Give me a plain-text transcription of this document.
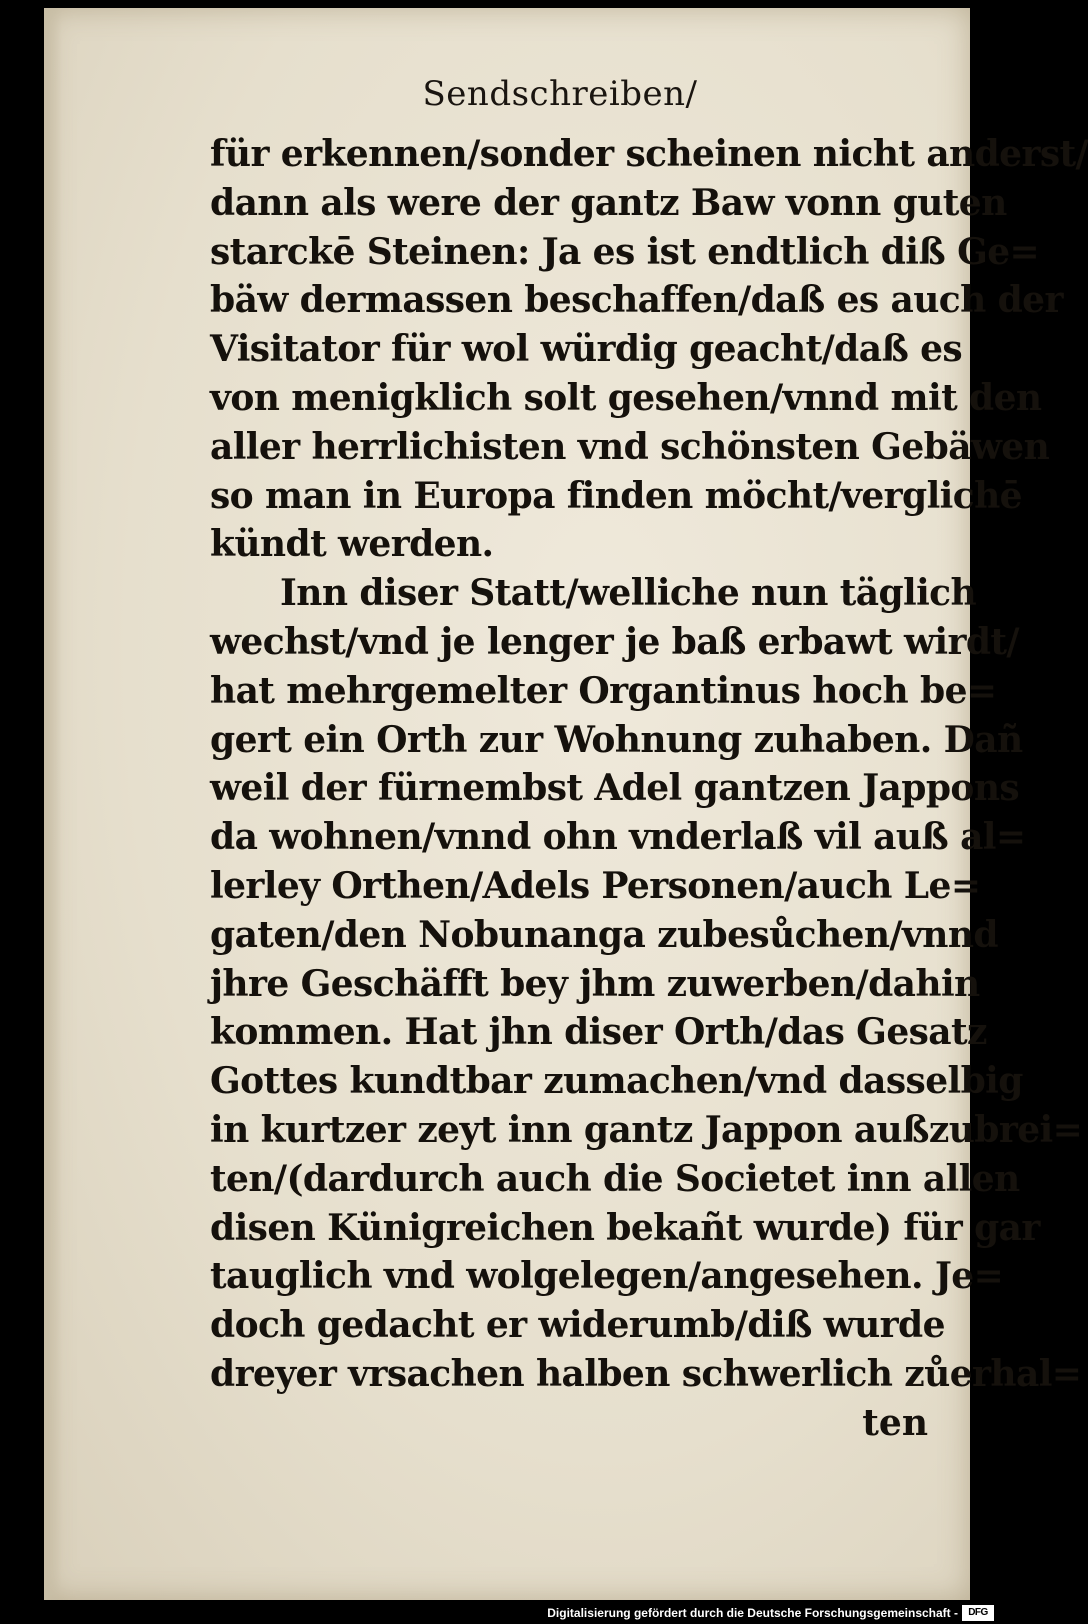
Sendschreiben/
für erkennen/sonder scheinen nicht anderst/
dann als were der gantz Baw vonn guten
starckē Steinen: Ja es ist endtlich diß Ge=
bäw dermassen beschaffen/daß es auch der
Visitator für wol würdig geacht/daß es
von menigklich solt gesehen/vnnd mit den
aller herrlichisten vnd schönsten Gebäwen
so man in Europa finden möcht/verglichē
kündt werden.
Inn diser Statt/welliche nun täglich
wechst/vnd je lenger je baß erbawt wirdt/
hat mehrgemelter Organtinus hoch be=
gert ein Orth zur Wohnung zuhaben. Dañ
weil der fürnembst Adel gantzen Jappons
da wohnen/vnnd ohn vnderlaß vil auß al=
lerley Orthen/Adels Personen/auch Le=
gaten/den Nobunanga zubesůchen/vnnd
jhre Geschäfft bey jhm zuwerben/dahin
kommen. Hat jhn diser Orth/das Gesatz
Gottes kundtbar zumachen/vnd dasselbig
in kurtzer zeyt inn gantz Jappon außzubrei=
ten/(dardurch auch die Societet inn allen
disen Künigreichen bekañt wurde) für gar
tauglich vnd wolgelegen/angesehen. Je=
doch gedacht er widerumb/diß wurde
dreyer vrsachen halben schwerlich zůerhal=
ten
Digitalisierung gefördert durch die Deutsche Forschungsgemeinschaft -	DFG
